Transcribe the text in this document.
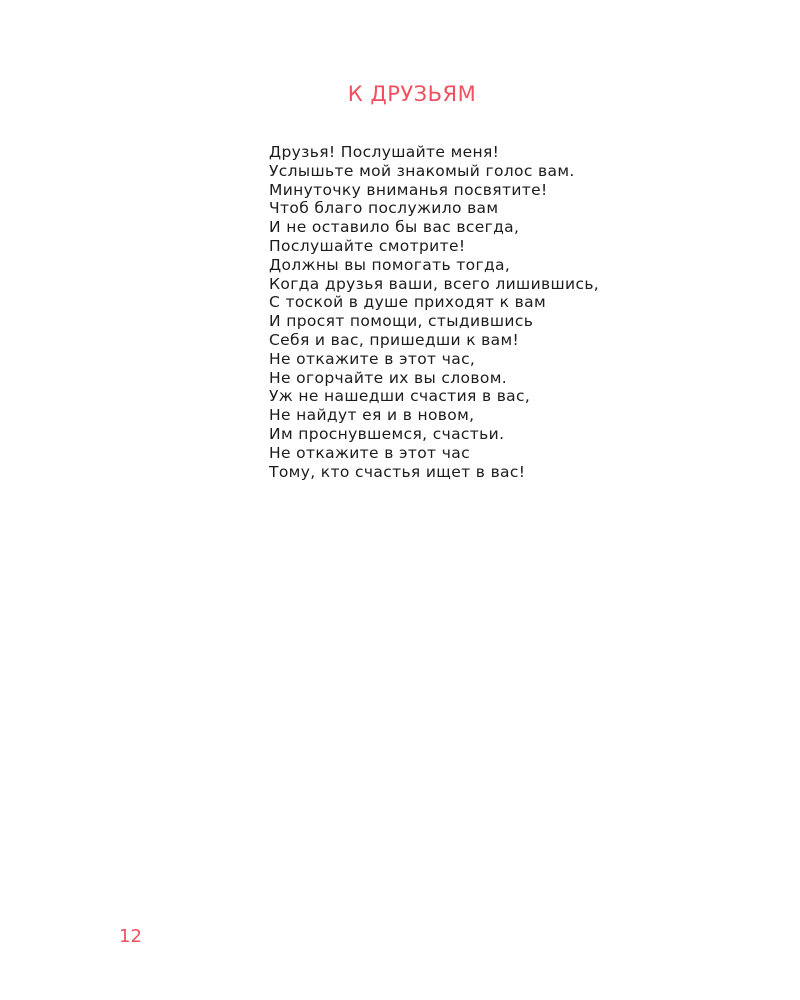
К ДРУЗЬЯМ
Друзья! Послушайте меня!
Услышьте мой знакомый голос вам.
Минуточку вниманья посвятите!
Чтоб благо послужило вам
И не оставило бы вас всегда,
Послушайте смотрите!
Должны вы помогать тогда,
Когда друзья ваши, всего лишившись,
С тоской в душе приходят к вам
И просят помощи, стыдившись
Себя и вас, пришедши к вам!
Не откажите в этот час,
Не огорчайте их вы словом.
Уж не нашедши счастия в вас,
Не найдут ея и в новом,
Им проснувшемся, счастьи.
Не откажите в этот час
Тому, кто счастья ищет в вас!
12
